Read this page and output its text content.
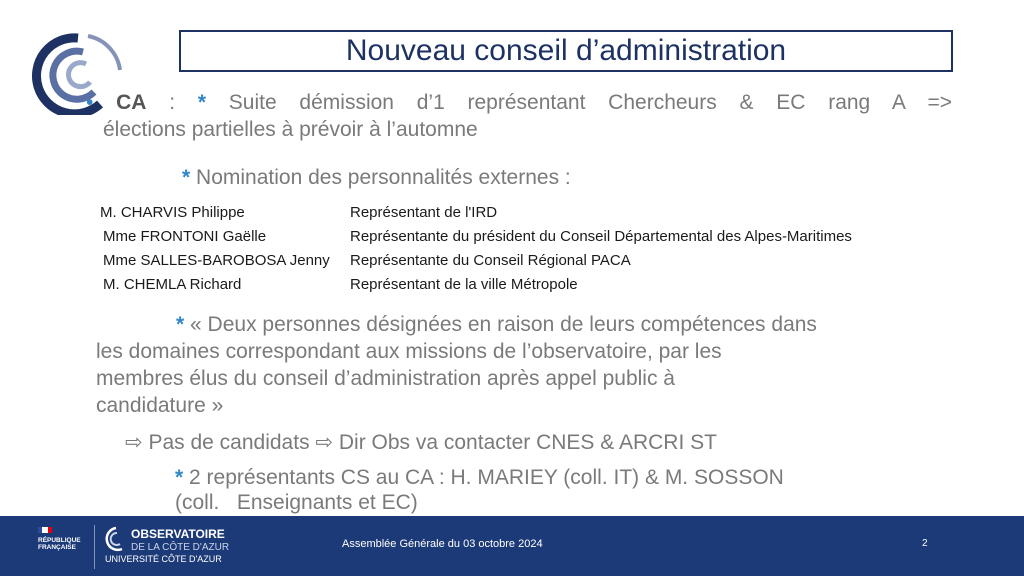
Nouveau conseil d’administration
• CA : * Suite démission d’1 représentant Chercheurs & EC rang A =>
élections partielles à prévoir à l’automne
* Nomination des personnalités externes :
M. CHARVIS Philippe	Représentant de l'IRD
Mme FRONTONI Gaëlle	Représentante du président du Conseil Départemental des Alpes-Maritimes
Mme SALLES-BAROBOSA Jenny Représentante du Conseil Régional PACA
M. CHEMLA Richard	Représentant de la ville Métropole
* « Deux personnes désignées en raison de leurs compétences dans
les domaines correspondant aux missions de l’observatoire, par les
membres élus du conseil d’administration après appel public à
candidature »
⇨ Pas de candidats ⇨ Dir Obs va contacter CNES & ARCRI ST
* 2 représentants CS au CA : H. MARIEY (coll. IT) & M. SOSSON
(coll.   Enseignants et EC)
RÉPUBLIQUE
FRANÇAISE
OBSERVATOIRE
DE LA CÔTE D'AZUR
UNIVERSITÉ CÔTE D'AZUR
Assemblée Générale du 03 octobre 2024	2
